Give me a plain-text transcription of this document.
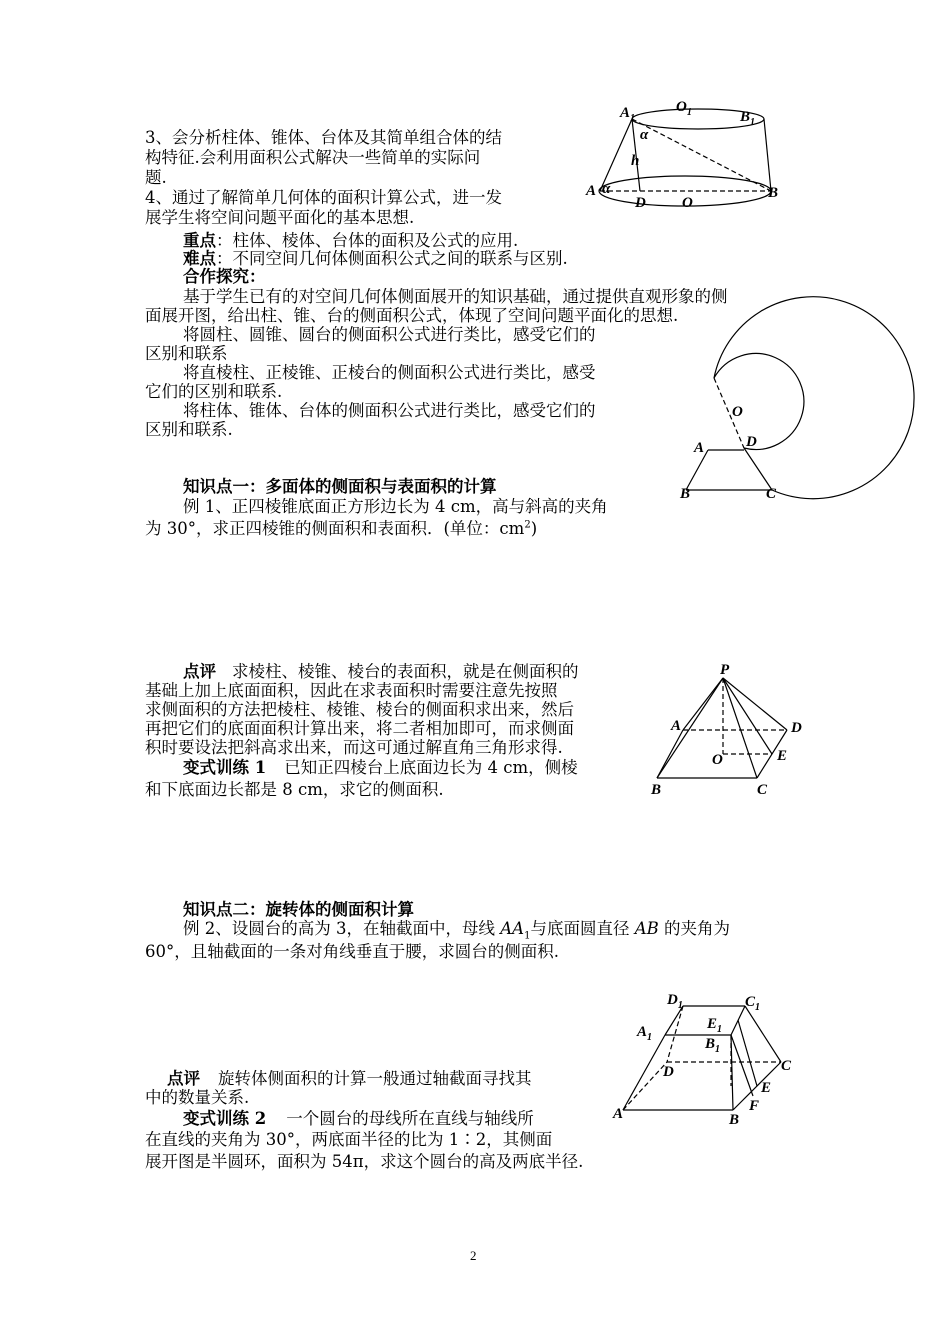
3、会分析柱体、锥体、台体及其简单组合体的结
构特征.会利用面积公式解决一些简单的实际问
题.
4、通过了解简单几何体的面积计算公式，进一发
展学生将空间问题平面化的基本思想.
重点：柱体、棱体、台体的面积及公式的应用.
难点：不同空间几何体侧面积公式之间的联系与区别.
合作探究：
基于学生已有的对空间几何体侧面展开的知识基础，通过提供直观形象的侧
面展开图，给出柱、锥、台的侧面积公式，体现了空间问题平面化的思想.
将圆柱、圆锥、圆台的侧面积公式进行类比，感受它们的
区别和联系
将直棱柱、正棱锥、正棱台的侧面积公式进行类比，感受
它们的区别和联系.
将柱体、锥体、台体的侧面积公式进行类比，感受它们的
区别和联系.
知识点一：多面体的侧面积与表面积的计算
例 1、正四棱锥底面正方形边长为 4 cm，高与斜高的夹角
为 30°，求正四棱锥的侧面积和表面积．(单位：$cm^2$)
点评 求棱柱、棱锥、棱台的表面积，就是在侧面积的
基础上加上底面面积，因此在求表面积时需要注意先按照
求侧面积的方法把棱柱、棱锥、棱台的侧面积求出来，然后
再把它们的底面面积计算出来，将二者相加即可，而求侧面
积时要设法把斜高求出来，而这可通过解直角三角形求得.
变式训练 1 已知正四棱台上底面边长为 4 cm，侧棱
和下底面边长都是 8 cm，求它的侧面积.
知识点二：旋转体的侧面积计算
例 2、设圆台的高为 3，在轴截面中，母线 $AA_1$与底面圆直径 AB 的夹角为
60°，且轴截面的一条对角线垂直于腰，求圆台的侧面积.
点评 旋转体侧面积的计算一般通过轴截面寻找其
中的数量关系.
变式训练 2 一个圆台的母线所在直线与轴线所
在直线的夹角为 30°，两底面半径的比为 1∶2，其侧面
展开图是半圆环，面积为 54π，求这个圆台的高及两底半径.
$A_1$
$O_1$	$B_1$
α
h
A α
D O
B
O
A	D
B	C
P
A	D
E
O
B	C
$D_1$	$C_1$
$A_1$
$E_1$
$B_1$
D	C
E
F
A	B
2
